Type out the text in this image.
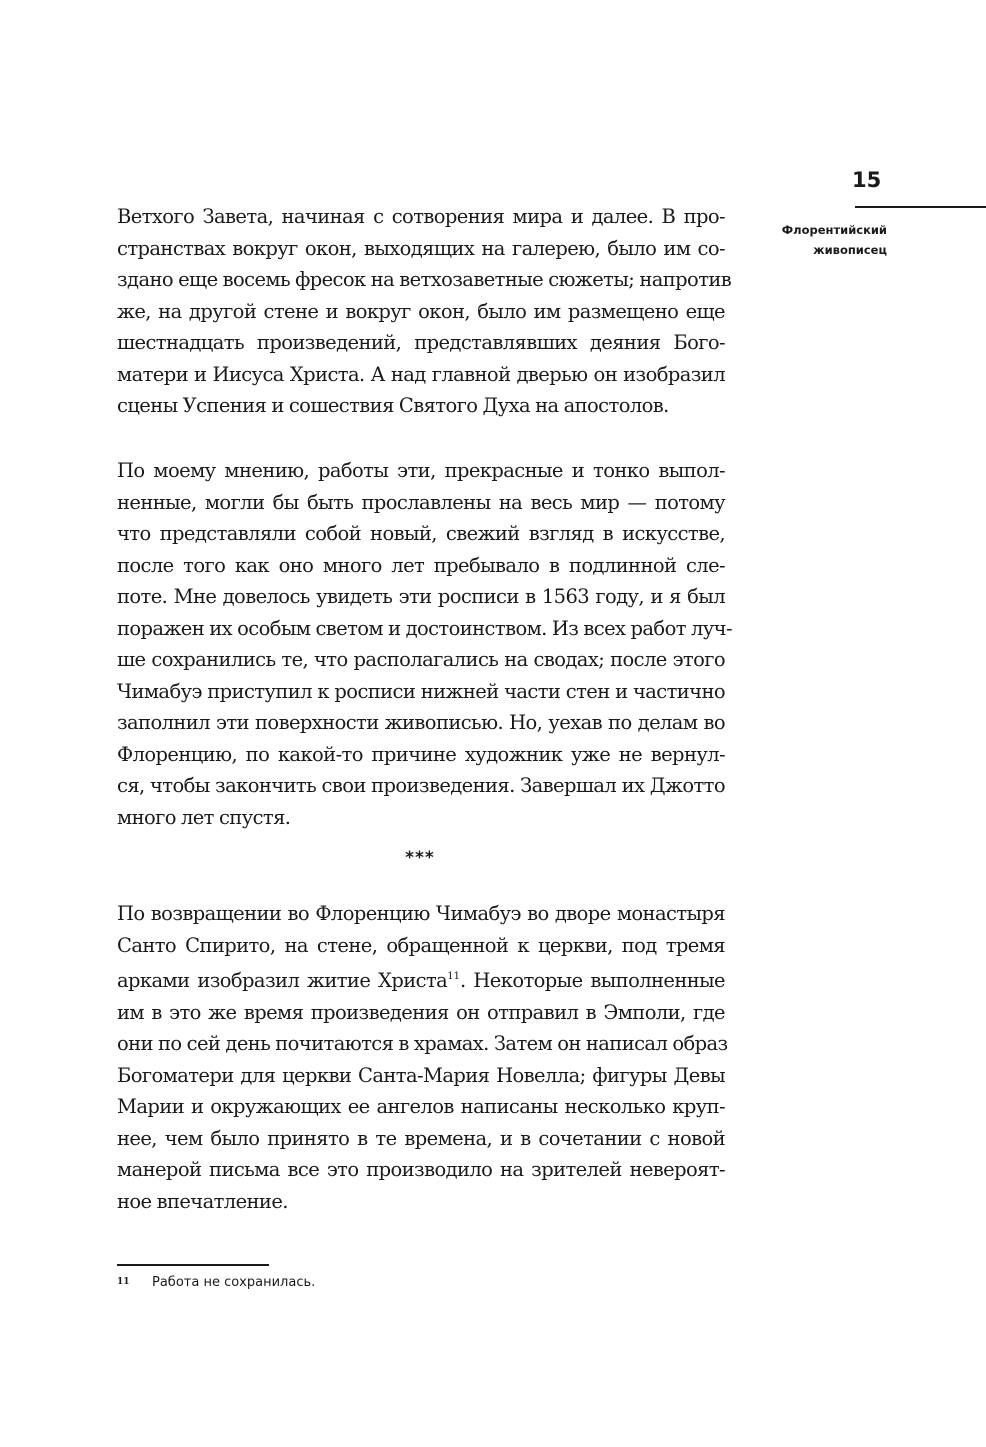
15
Флорентийский
живописец
Ветхого Завета, начиная с сотворения мира и далее. В про-
странствах вокруг окон, выходящих на галерею, было им со-
здано еще восемь фресок на ветхозаветные сюжеты; напротив
же, на другой стене и вокруг окон, было им размещено еще
шестнадцать произведений, представлявших деяния Бого-
матери и Иисуса Христа. А над главной дверью он изобразил
сцены Успения и сошествия Святого Духа на апостолов.
По моему мнению, работы эти, прекрасные и тонко выпол-
ненные, могли бы быть прославлены на весь мир — потому
что представляли собой новый, свежий взгляд в искусстве,
после того как оно много лет пребывало в подлинной сле-
поте. Мне довелось увидеть эти росписи в 1563 году, и я был
поражен их особым светом и достоинством. Из всех работ луч-
ше сохранились те, что располагались на сводах; после этого
Чимабуэ приступил к росписи нижней части стен и частично
заполнил эти поверхности живописью. Но, уехав по делам во
Флоренцию, по какой-то причине художник уже не вернул-
ся, чтобы закончить свои произведения. Завершал их Джотто
много лет спустя.
***
По возвращении во Флоренцию Чимабуэ во дворе монастыря
Санто Спирито, на стене, обращенной к церкви, под тремя
арками изобразил житие Христа$^{11}$. Некоторые выполненные
им в это же время произведения он отправил в Эмполи, где
они по сей день почитаются в храмах. Затем он написал образ
Богоматери для церкви Санта-Мария Новелла; фигуры Девы
Марии и окружающих ее ангелов написаны несколько круп-
нее, чем было принято в те времена, и в сочетании с новой
манерой письма все это производило на зрителей невероят-
ное впечатление.
11 Работа не сохранилась.
